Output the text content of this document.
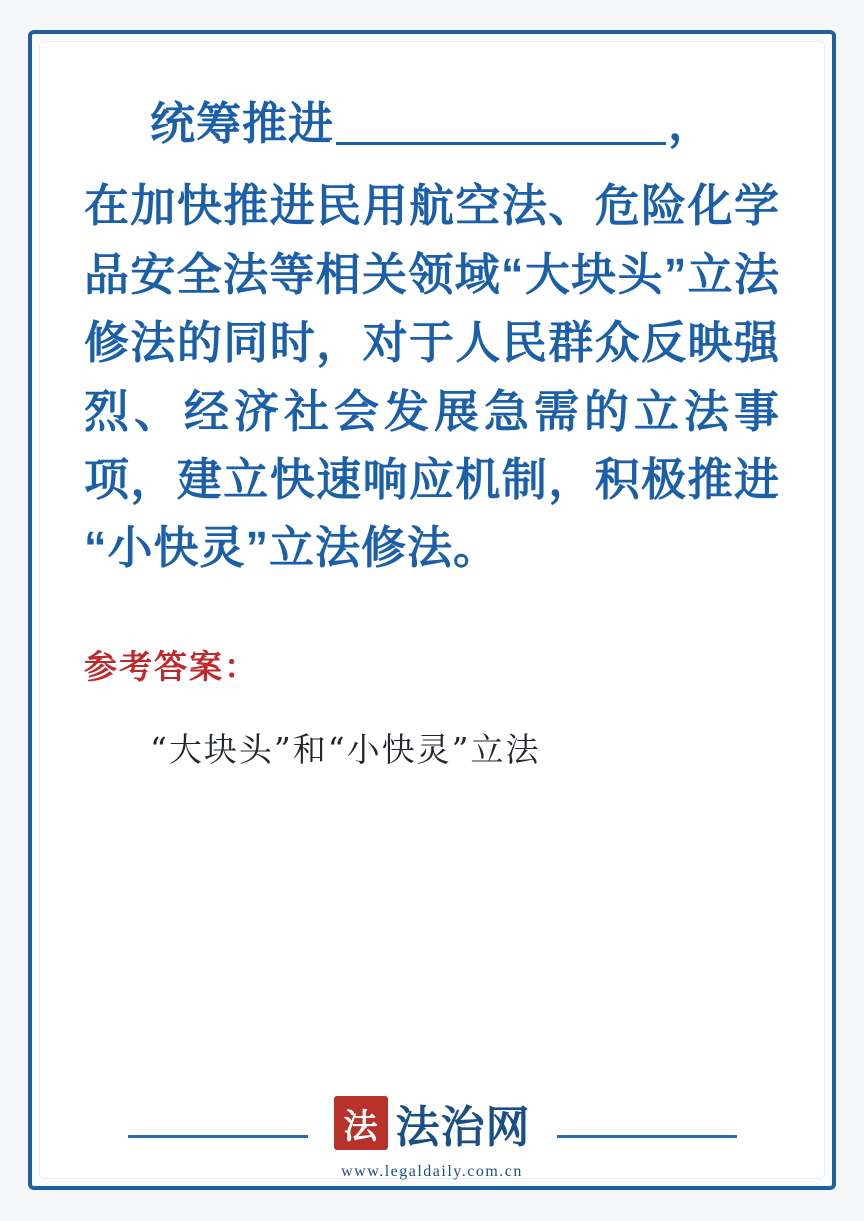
统筹推进	，
在加快推进民用航空法、危险化学品安全法等相关领域“大块头”立法修法的同时，对于人民群众反映强烈、经济社会发展急需的立法事项，建立快速响应机制，积极推进“小快灵”立法修法。
参考答案：
“大块头”和“小快灵”立法
法 法治网
www.legaldaily.com.cn
